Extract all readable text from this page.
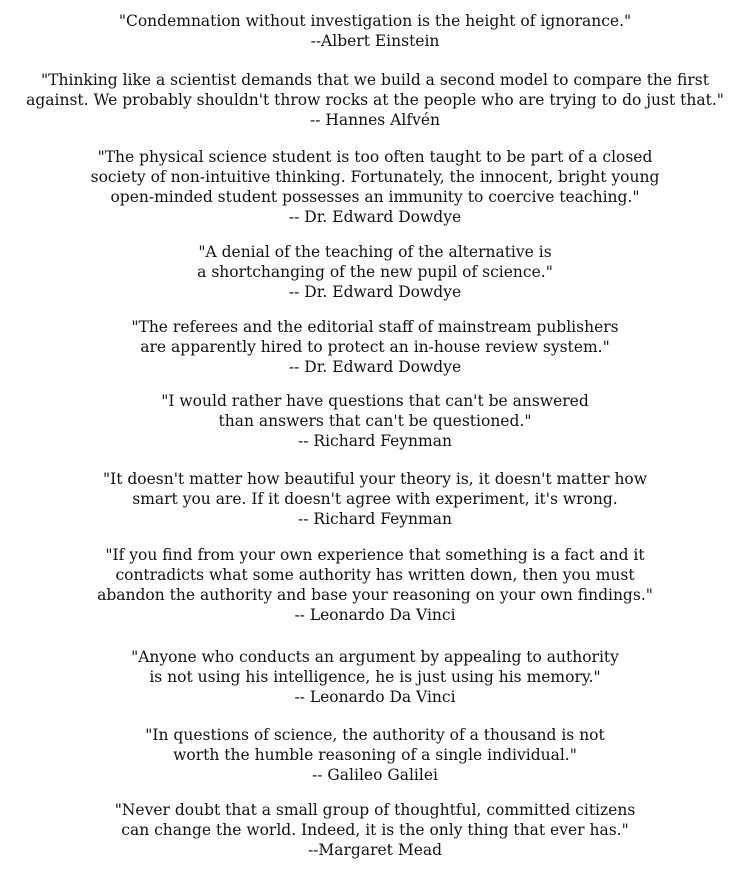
"Condemnation without investigation is the height of ignorance."

--Albert Einstein

"Thinking like a scientist demands that we build a second model to compare the first

against. We probably shouldn't throw rocks at the people who are trying to do just that."

-- Hannes Alfvén

"The physical science student is too often taught to be part of a closed

society of non-intuitive thinking. Fortunately, the innocent, bright young

open-minded student possesses an immunity to coercive teaching."

-- Dr. Edward Dowdye

"A denial of the teaching of the alternative is

a shortchanging of the new pupil of science."

-- Dr. Edward Dowdye

"The referees and the editorial staff of mainstream publishers

are apparently hired to protect an in-house review system."

-- Dr. Edward Dowdye

"I would rather have questions that can't be answered

than answers that can't be questioned."

-- Richard Feynman

"It doesn't matter how beautiful your theory is, it doesn't matter how

smart you are. If it doesn't agree with experiment, it's wrong.

-- Richard Feynman

"If you find from your own experience that something is a fact and it

contradicts what some authority has written down, then you must

abandon the authority and base your reasoning on your own findings."

-- Leonardo Da Vinci

"Anyone who conducts an argument by appealing to authority

is not using his intelligence, he is just using his memory."

-- Leonardo Da Vinci

"In questions of science, the authority of a thousand is not

worth the humble reasoning of a single individual."

-- Galileo Galilei

"Never doubt that a small group of thoughtful, committed citizens

can change the world. Indeed, it is the only thing that ever has."

--Margaret Mead
